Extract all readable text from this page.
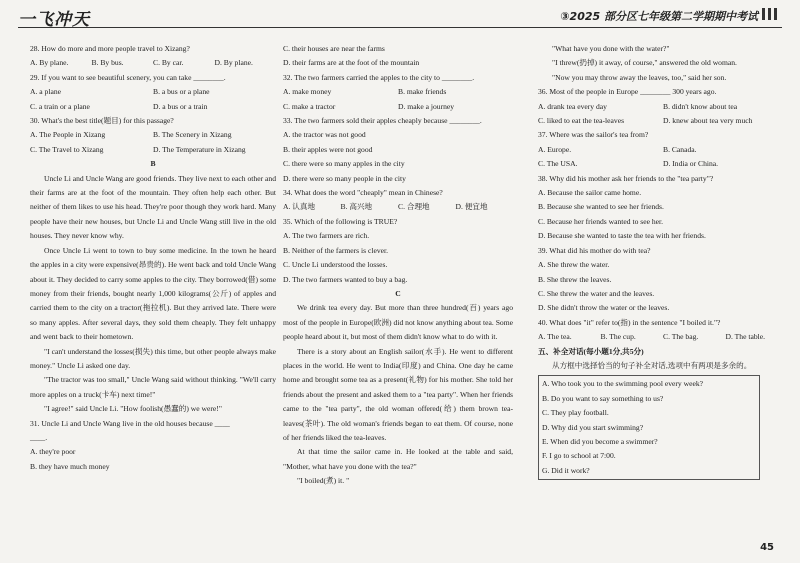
一飞冲天	③2025 部分区七年级第二学期期中考试
28. How do more and more people travel to Xizang?
A. By plane.	B. By bus.	C. By car.	D. By plane.
29. If you want to see beautiful scenery, you can take ________.
A. a plane	B. a bus or a plane
C. a train or a plane	D. a bus or a train
30. What's the best title(题目) for this passage?
A. The People in Xizang	B. The Scenery in Xizang
C. The Travel to Xizang	D. The Temperature in Xizang
B
Uncle Li and Uncle Wang are good friends. They live next to each other and their farms are at the foot of the mountain. They often help each other. But neither of them likes to use his head. They're poor though they work hard. Many people have their new houses, but Uncle Li and Uncle Wang still live in the old houses. They never know why.
Once Uncle Li went to town to buy some medicine. In the town he heard the apples in a city were expensive(昂贵的). He went back and told Uncle Wang about it. They decided to carry some apples to the city. They borrowed(借) some money from their friends, bought nearly 1,000 kilograms(公斤) of apples and carried them to the city on a tractor(拖拉机). But they arrived late. There were so many apples. After several days, they sold them cheaply. They felt unhappy and went back to their hometown.
"I can't understand the losses(损失) this time, but other people always make money." Uncle Li asked one day.
"The tractor was too small," Uncle Wang said without thinking. "We'll carry more apples on a truck(卡车) next time!"
"I agree!" said Uncle Li. "How foolish(愚蠢的) we were!"
31. Uncle Li and Uncle Wang live in the old houses because ____
____.
A. they're poor
B. they have much money
C. their houses are near the farms
D. their farms are at the foot of the mountain
32. The two farmers carried the apples to the city to ________.
A. make money	B. make friends
C. make a tractor	D. make a journey
33. The two farmers sold their apples cheaply because ________.
A. the tractor was not good
B. their apples were not good
C. there were so many apples in the city
D. there were so many people in the city
34. What does the word "cheaply" mean in Chinese?
A. 认真地	B. 高兴地	C. 合理地	D. 便宜地
35. Which of the following is TRUE?
A. The two farmers are rich.
B. Neither of the farmers is clever.
C. Uncle Li understood the losses.
D. The two farmers wanted to buy a bag.
C
We drink tea every day. But more than three hundred(百) years ago most of the people in Europe(欧洲) did not know anything about tea. Some people heard about it, but most of them didn't know what to do with it.
There is a story about an English sailor(水手). He went to different places in the world. He went to India(印度) and China. One day he came home and brought some tea as a present(礼物) for his mother. She told her friends about the present and asked them to a "tea party". When her friends came to the "tea party", the old woman offered(给) them brown tea-leaves(茶叶). The old woman's friends began to eat them. Of course, none of her friends liked the tea-leaves.
At that time the sailor came in. He looked at the table and said, "Mother, what have you done with the tea?"
"I boiled(煮) it. "
"What have you done with the water?"
"I threw(扔掉) it away, of course," answered the old woman.
"Now you may throw away the leaves, too," said her son.
36. Most of the people in Europe ________ 300 years ago.
A. drank tea every day	B. didn't know about tea
C. liked to eat the tea-leaves	D. knew about tea very much
37. Where was the sailor's tea from?
A. Europe.	B. Canada.
C. The USA.	D. India or China.
38. Why did his mother ask her friends to the "tea party"?
A. Because the sailor came home.
B. Because she wanted to see her friends.
C. Because her friends wanted to see her.
D. Because she wanted to taste the tea with her friends.
39. What did his mother do with tea?
A. She threw the water.
B. She threw the leaves.
C. She threw the water and the leaves.
D. She didn't throw the water or the leaves.
40. What does "it" refer to(指) in the sentence "I boiled it."?
A. The tea.	B. The cup.	C. The bag.	D. The table.
五、补全对话(每小题1分,共5分)
从方框中选择恰当的句子补全对话,选项中有两项是多余的。
A. Who took you to the swimming pool every week?
B. Do you want to say something to us?
C. They play football.
D. Why did you start swimming?
E. When did you become a swimmer?
F. I go to school at 7:00.
G. Did it work?
45
